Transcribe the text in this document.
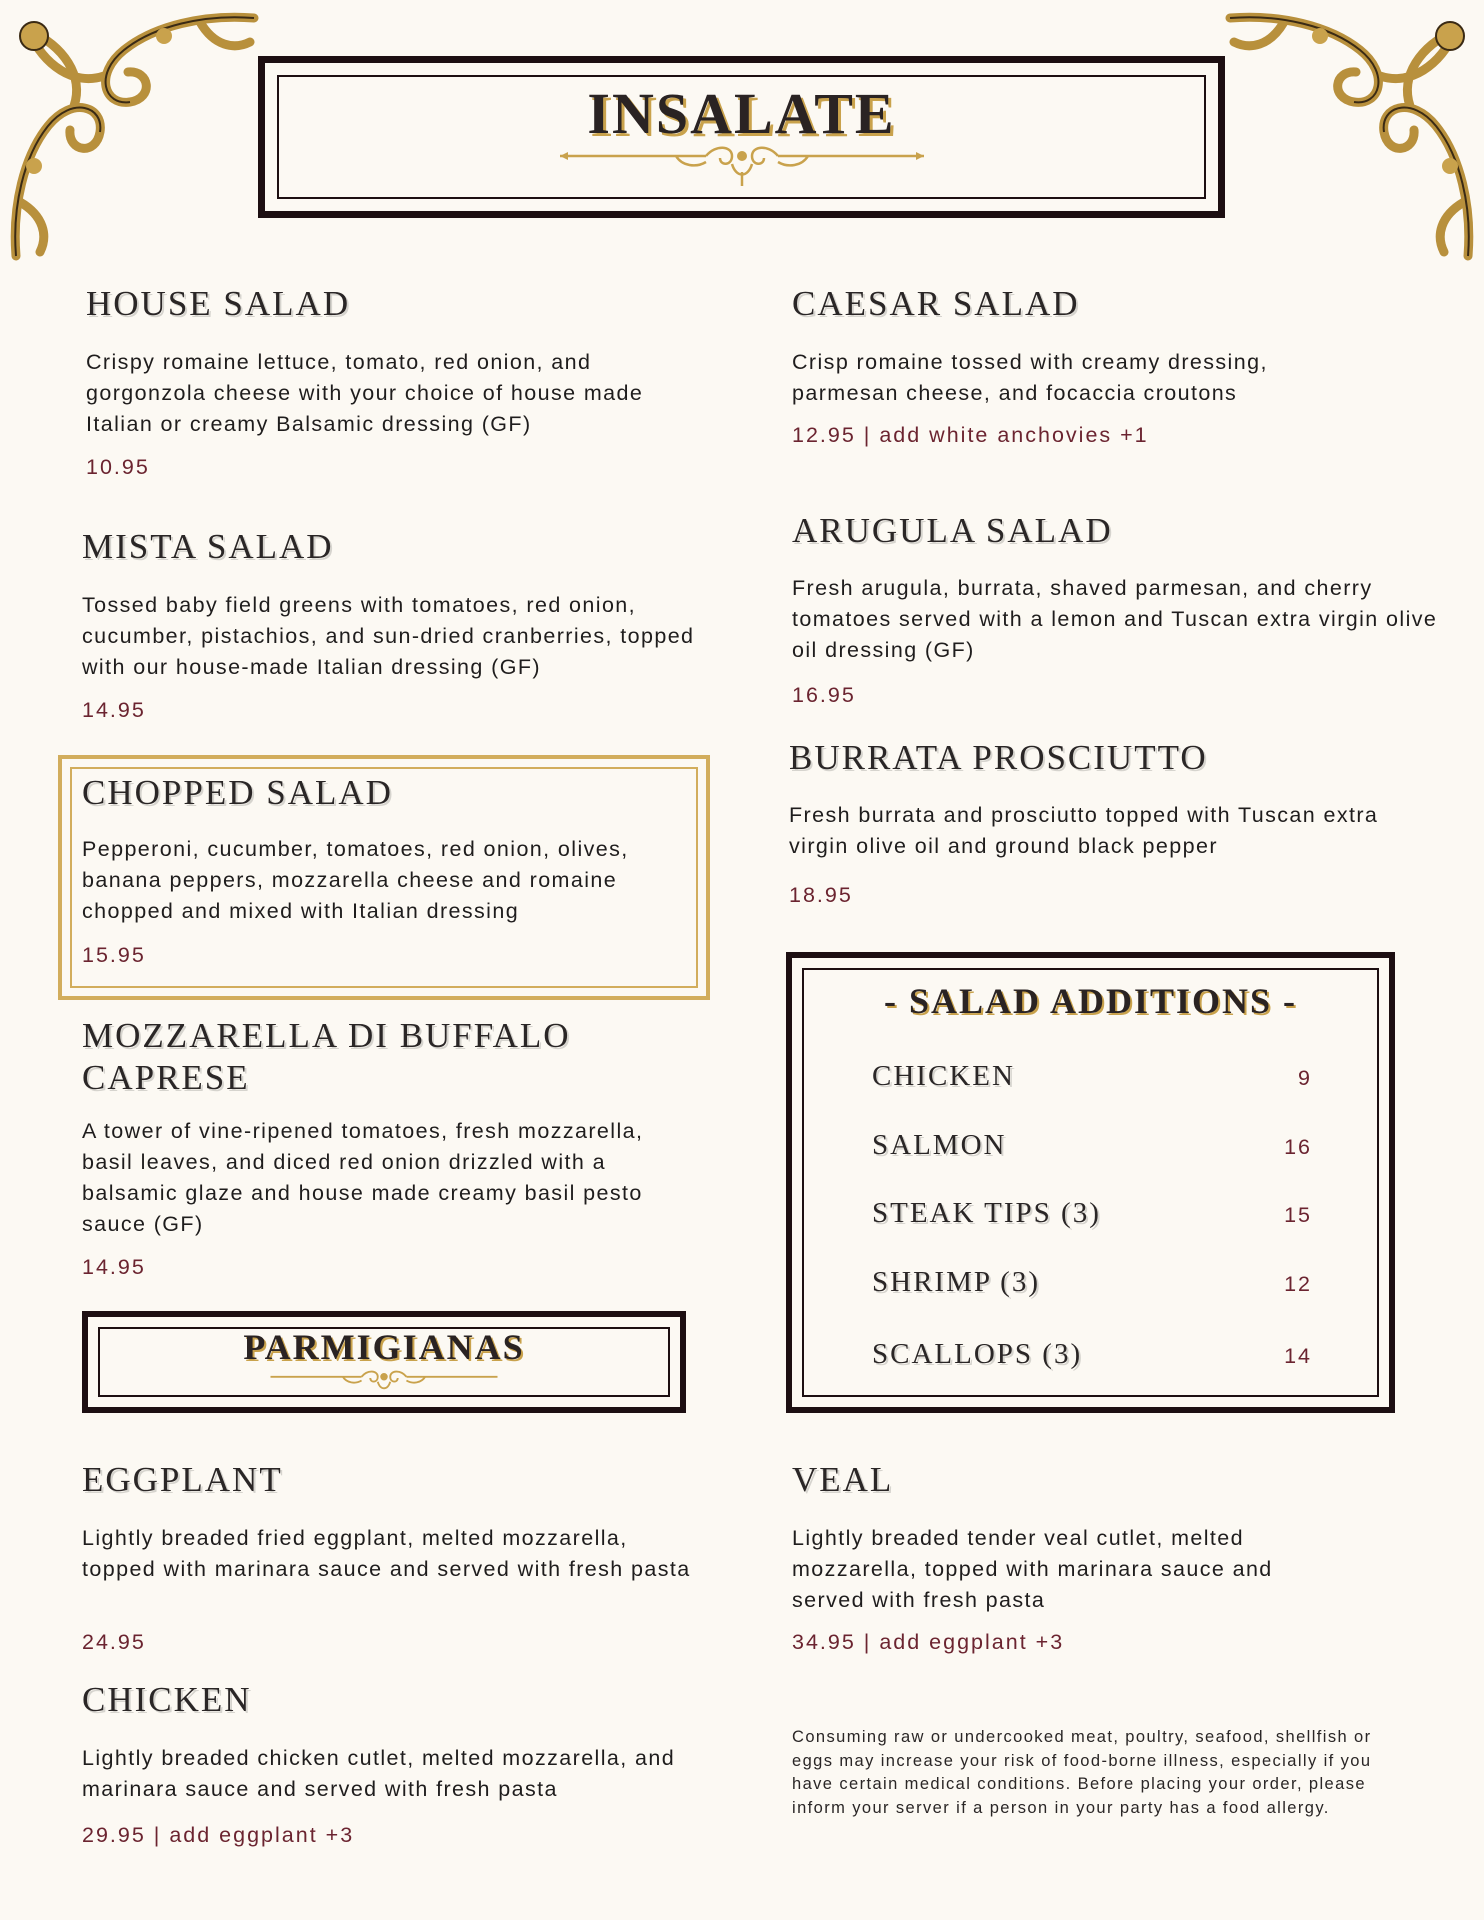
INSALATE
HOUSE SALAD

Crispy romaine lettuce, tomato, red onion, and gorgonzola cheese with your choice of house made Italian or creamy Balsamic dressing (GF)

10.95
CAESAR SALAD

Crisp romaine tossed with creamy dressing, parmesan cheese, and focaccia croutons

12.95 | add white anchovies +1
MISTA SALAD

Tossed baby field greens with tomatoes, red onion, cucumber, pistachios, and sun-dried cranberries, topped with our house-made Italian dressing (GF)

14.95
ARUGULA SALAD

Fresh arugula, burrata, shaved parmesan, and cherry tomatoes served with a lemon and Tuscan extra virgin olive oil dressing (GF)

16.95
CHOPPED SALAD

Pepperoni, cucumber, tomatoes, red onion, olives, banana peppers, mozzarella cheese and romaine chopped and mixed with Italian dressing

15.95
BURRATA PROSCIUTTO

Fresh burrata and prosciutto topped with Tuscan extra virgin olive oil and ground black pepper

18.95
MOZZARELLA DI BUFFALO
CAPRESE

A tower of vine-ripened tomatoes, fresh mozzarella, basil leaves, and diced red onion drizzled with a balsamic glaze and house made creamy basil pesto sauce (GF)

14.95
- SALAD ADDITIONS -
CHICKEN	9
SALMON	16
STEAK TIPS (3)	15
SHRIMP (3)	12
SCALLOPS (3)	14
PARMIGIANAS
EGGPLANT

Lightly breaded fried eggplant, melted mozzarella, topped with marinara sauce and served with fresh pasta

24.95
VEAL

Lightly breaded tender veal cutlet, melted mozzarella, topped with marinara sauce and served with fresh pasta

34.95 | add eggplant +3
CHICKEN

Lightly breaded chicken cutlet, melted mozzarella, and marinara sauce and served with fresh pasta

29.95 | add eggplant +3

Consuming raw or undercooked meat, poultry, seafood, shellfish or eggs may increase your risk of food-borne illness, especially if you have certain medical conditions. Before placing your order, please inform your server if a person in your party has a food allergy.
